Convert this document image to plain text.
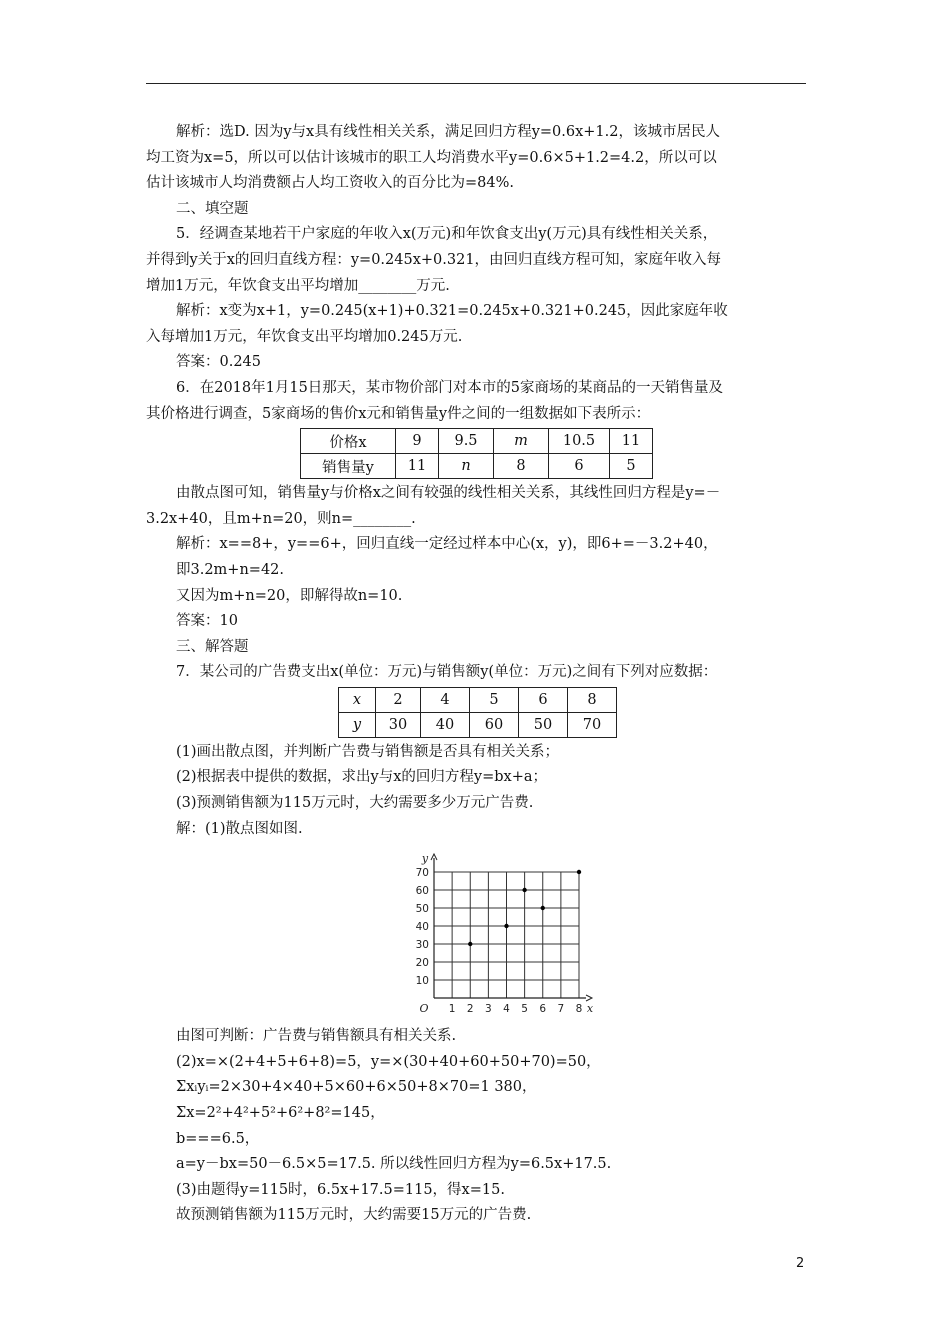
解析：选D. 因为y与x具有线性相关关系，满足回归方程y=0.6x+1.2，该城市居民人

均工资为x=5，所以可以估计该城市的职工人均消费水平y=0.6×5+1.2=4.2，所以可以

估计该城市人均消费额占人均工资收入的百分比为=84%.

二、填空题

5．经调查某地若干户家庭的年收入x(万元)和年饮食支出y(万元)具有线性相关关系，

并得到y关于x的回归直线方程：y=0.245x+0.321，由回归直线方程可知，家庭年收入每

增加1万元，年饮食支出平均增加________万元.

解析：x变为x+1，y=0.245(x+1)+0.321=0.245x+0.321+0.245，因此家庭年收

入每增加1万元，年饮食支出平均增加0.245万元.

答案：0.245

6．在2018年1月15日那天，某市物价部门对本市的5家商场的某商品的一天销售量及

其价格进行调查，5家商场的售价x元和销售量y件之间的一组数据如下表所示：

价格x	9	9.5	m	10.5	11
销售量y	11	n	8	6	5

由散点图可知，销售量y与价格x之间有较强的线性相关关系，其线性回归方程是y=－

3.2x+40，且m+n=20，则n=________.

解析：x==8+，y==6+，回归直线一定经过样本中心(x，y)，即6+=－3.2+40，

即3.2m+n=42.

又因为m+n=20，即解得故n=10.

答案：10

三、解答题

7．某公司的广告费支出x(单位：万元)与销售额y(单位：万元)之间有下列对应数据：

x	2	4	5	6	8
y	30	40	60	50	70

(1)画出散点图，并判断广告费与销售额是否具有相关关系；

(2)根据表中提供的数据，求出y与x的回归方程y=bx+a；

(3)预测销售额为115万元时，大约需要多少万元广告费.

解：(1)散点图如图.

1 2 3 4 5 6 7 8
10
20
30
40
50
60
70
O	x
y

由图可判断：广告费与销售额具有相关关系.

(2)x=×(2+4+5+6+8)=5，y=×(30+40+60+50+70)=50，

Σxᵢyᵢ=2×30+4×40+5×60+6×50+8×70=1 380，

Σx=2²+4²+5²+6²+8²=145，

b===6.5，

a=y－bx=50－6.5×5=17.5. 所以线性回归方程为y=6.5x+17.5.

(3)由题得y=115时，6.5x+17.5=115，得x=15.

故预测销售额为115万元时，大约需要15万元的广告费.

2
